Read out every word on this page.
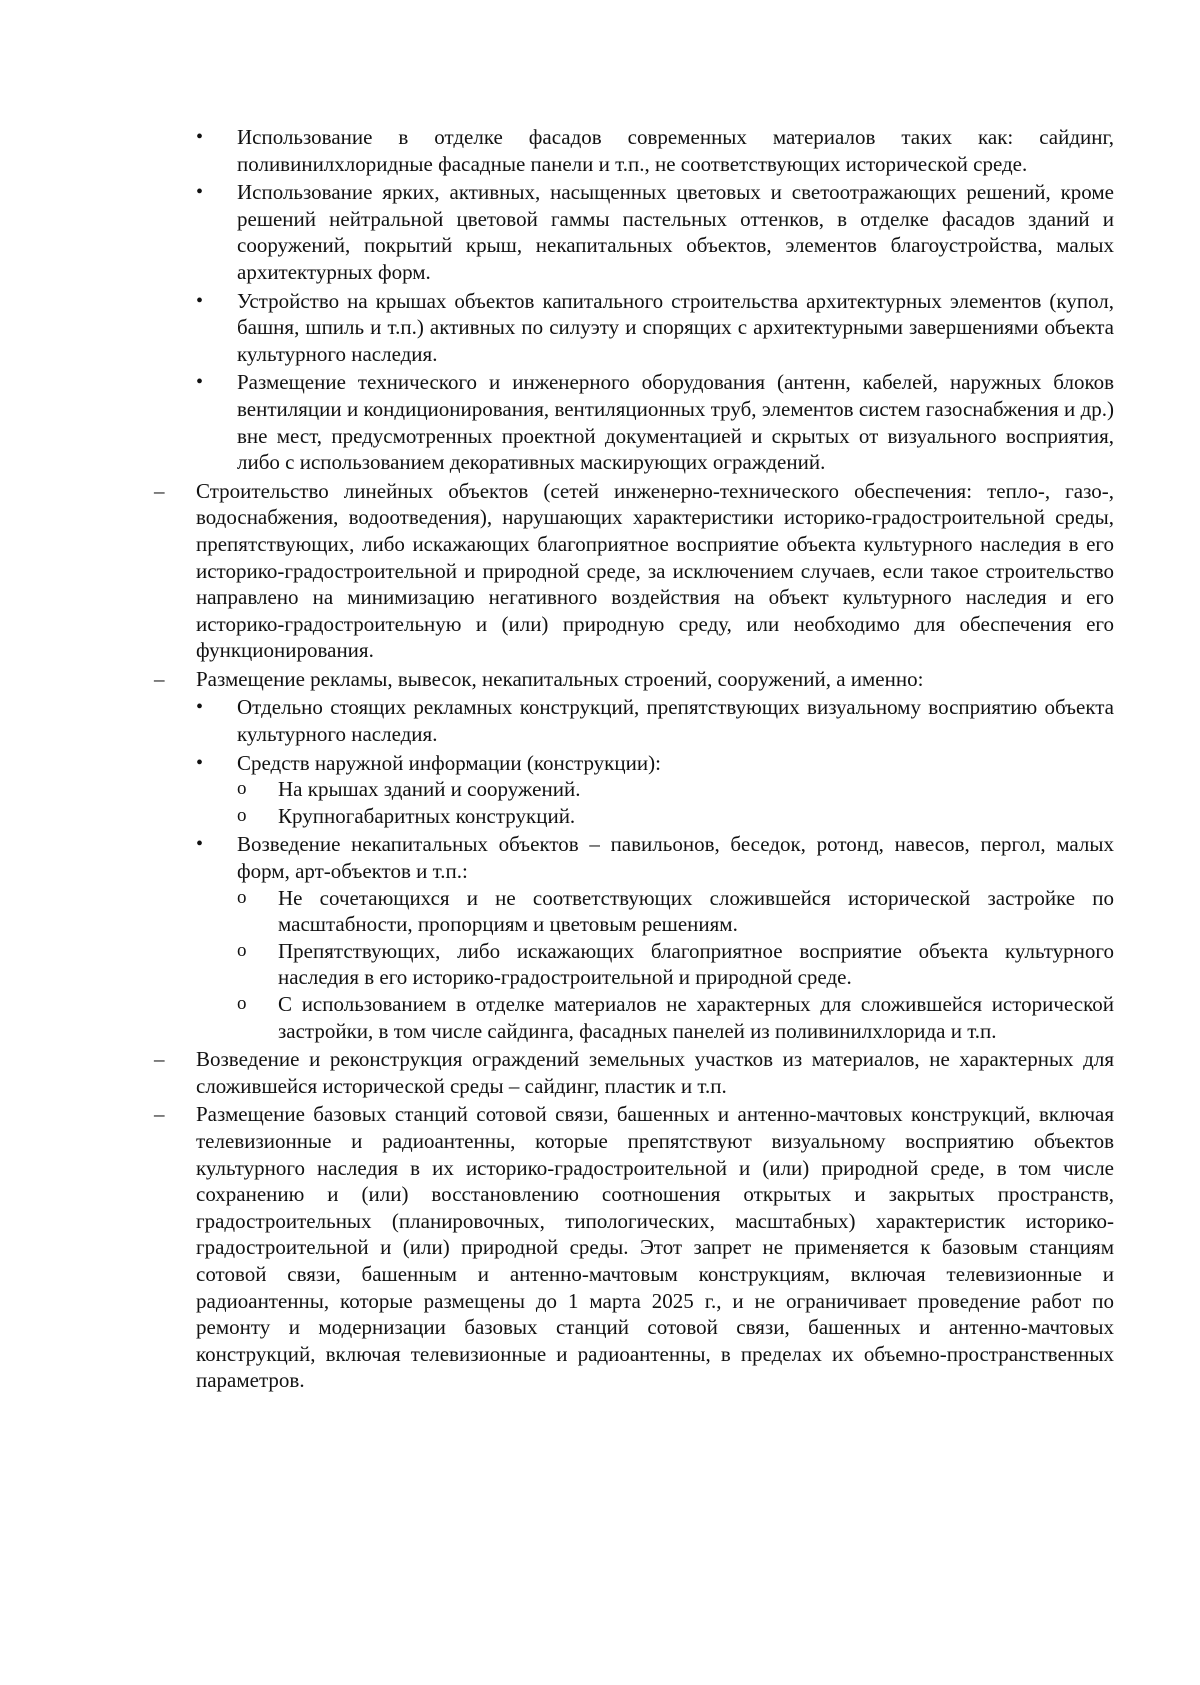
•	Использование в отделке фасадов современных материалов таких как: сайдинг, поливинилхлоридные фасадные панели и т.п., не соответствующих исторической среде.
•	Использование ярких, активных, насыщенных цветовых и светоотражающих решений, кроме решений нейтральной цветовой гаммы пастельных оттенков, в отделке фасадов зданий и сооружений, покрытий крыш, некапитальных объектов, элементов благоустройства, малых архитектурных форм.
•	Устройство на крышах объектов капитального строительства архитектурных элементов (купол, башня, шпиль и т.п.) активных по силуэту и спорящих с архитектурными завершениями объекта культурного наследия.
•	Размещение технического и инженерного оборудования (антенн, кабелей, наружных блоков вентиляции и кондиционирования, вентиляционных труб, элементов систем газоснабжения и др.) вне мест, предусмотренных проектной документацией и скрытых от визуального восприятия, либо с использованием декоративных маскирующих ограждений.
–	Строительство линейных объектов (сетей инженерно-технического обеспечения: тепло-, газо-, водоснабжения, водоотведения), нарушающих характеристики историко-градостроительной среды, препятствующих, либо искажающих благоприятное восприятие объекта культурного наследия в его историко-градостроительной и природной среде, за исключением случаев, если такое строительство направлено на минимизацию негативного воздействия на объект культурного наследия и его историко-градостроительную и (или) природную среду, или необходимо для обеспечения его функционирования.
–	Размещение рекламы, вывесок, некапитальных строений, сооружений, а именно:
•	Отдельно стоящих рекламных конструкций, препятствующих визуальному восприятию объекта культурного наследия.
•	Средств наружной информации (конструкции):
o	На крышах зданий и сооружений.
o	Крупногабаритных конструкций.
•	Возведение некапитальных объектов – павильонов, беседок, ротонд, навесов, пергол, малых форм, арт-объектов и т.п.:
o	Не сочетающихся и не соответствующих сложившейся исторической застройке по масштабности, пропорциям и цветовым решениям.
o	Препятствующих, либо искажающих благоприятное восприятие объекта культурного наследия в его историко-градостроительной и природной среде.
o	С использованием в отделке материалов не характерных для сложившейся исторической застройки, в том числе сайдинга, фасадных панелей из поливинилхлорида и т.п.
–	Возведение и реконструкция ограждений земельных участков из материалов, не характерных для сложившейся исторической среды – сайдинг, пластик и т.п.
–	Размещение базовых станций сотовой связи, башенных и антенно-мачтовых конструкций, включая телевизионные и радиоантенны, которые препятствуют визуальному восприятию объектов культурного наследия в их историко-градостроительной и (или) природной среде, в том числе сохранению и (или) восстановлению соотношения открытых и закрытых пространств, градостроительных (планировочных, типологических, масштабных) характеристик историко-градостроительной и (или) природной среды. Этот запрет не применяется к базовым станциям сотовой связи, башенным и антенно-мачтовым конструкциям, включая телевизионные и радиоантенны, которые размещены до 1 марта 2025 г., и не ограничивает проведение работ по ремонту и модернизации базовых станций сотовой связи, башенных и антенно-мачтовых конструкций, включая телевизионные и радиоантенны, в пределах их объемно-пространственных параметров.
